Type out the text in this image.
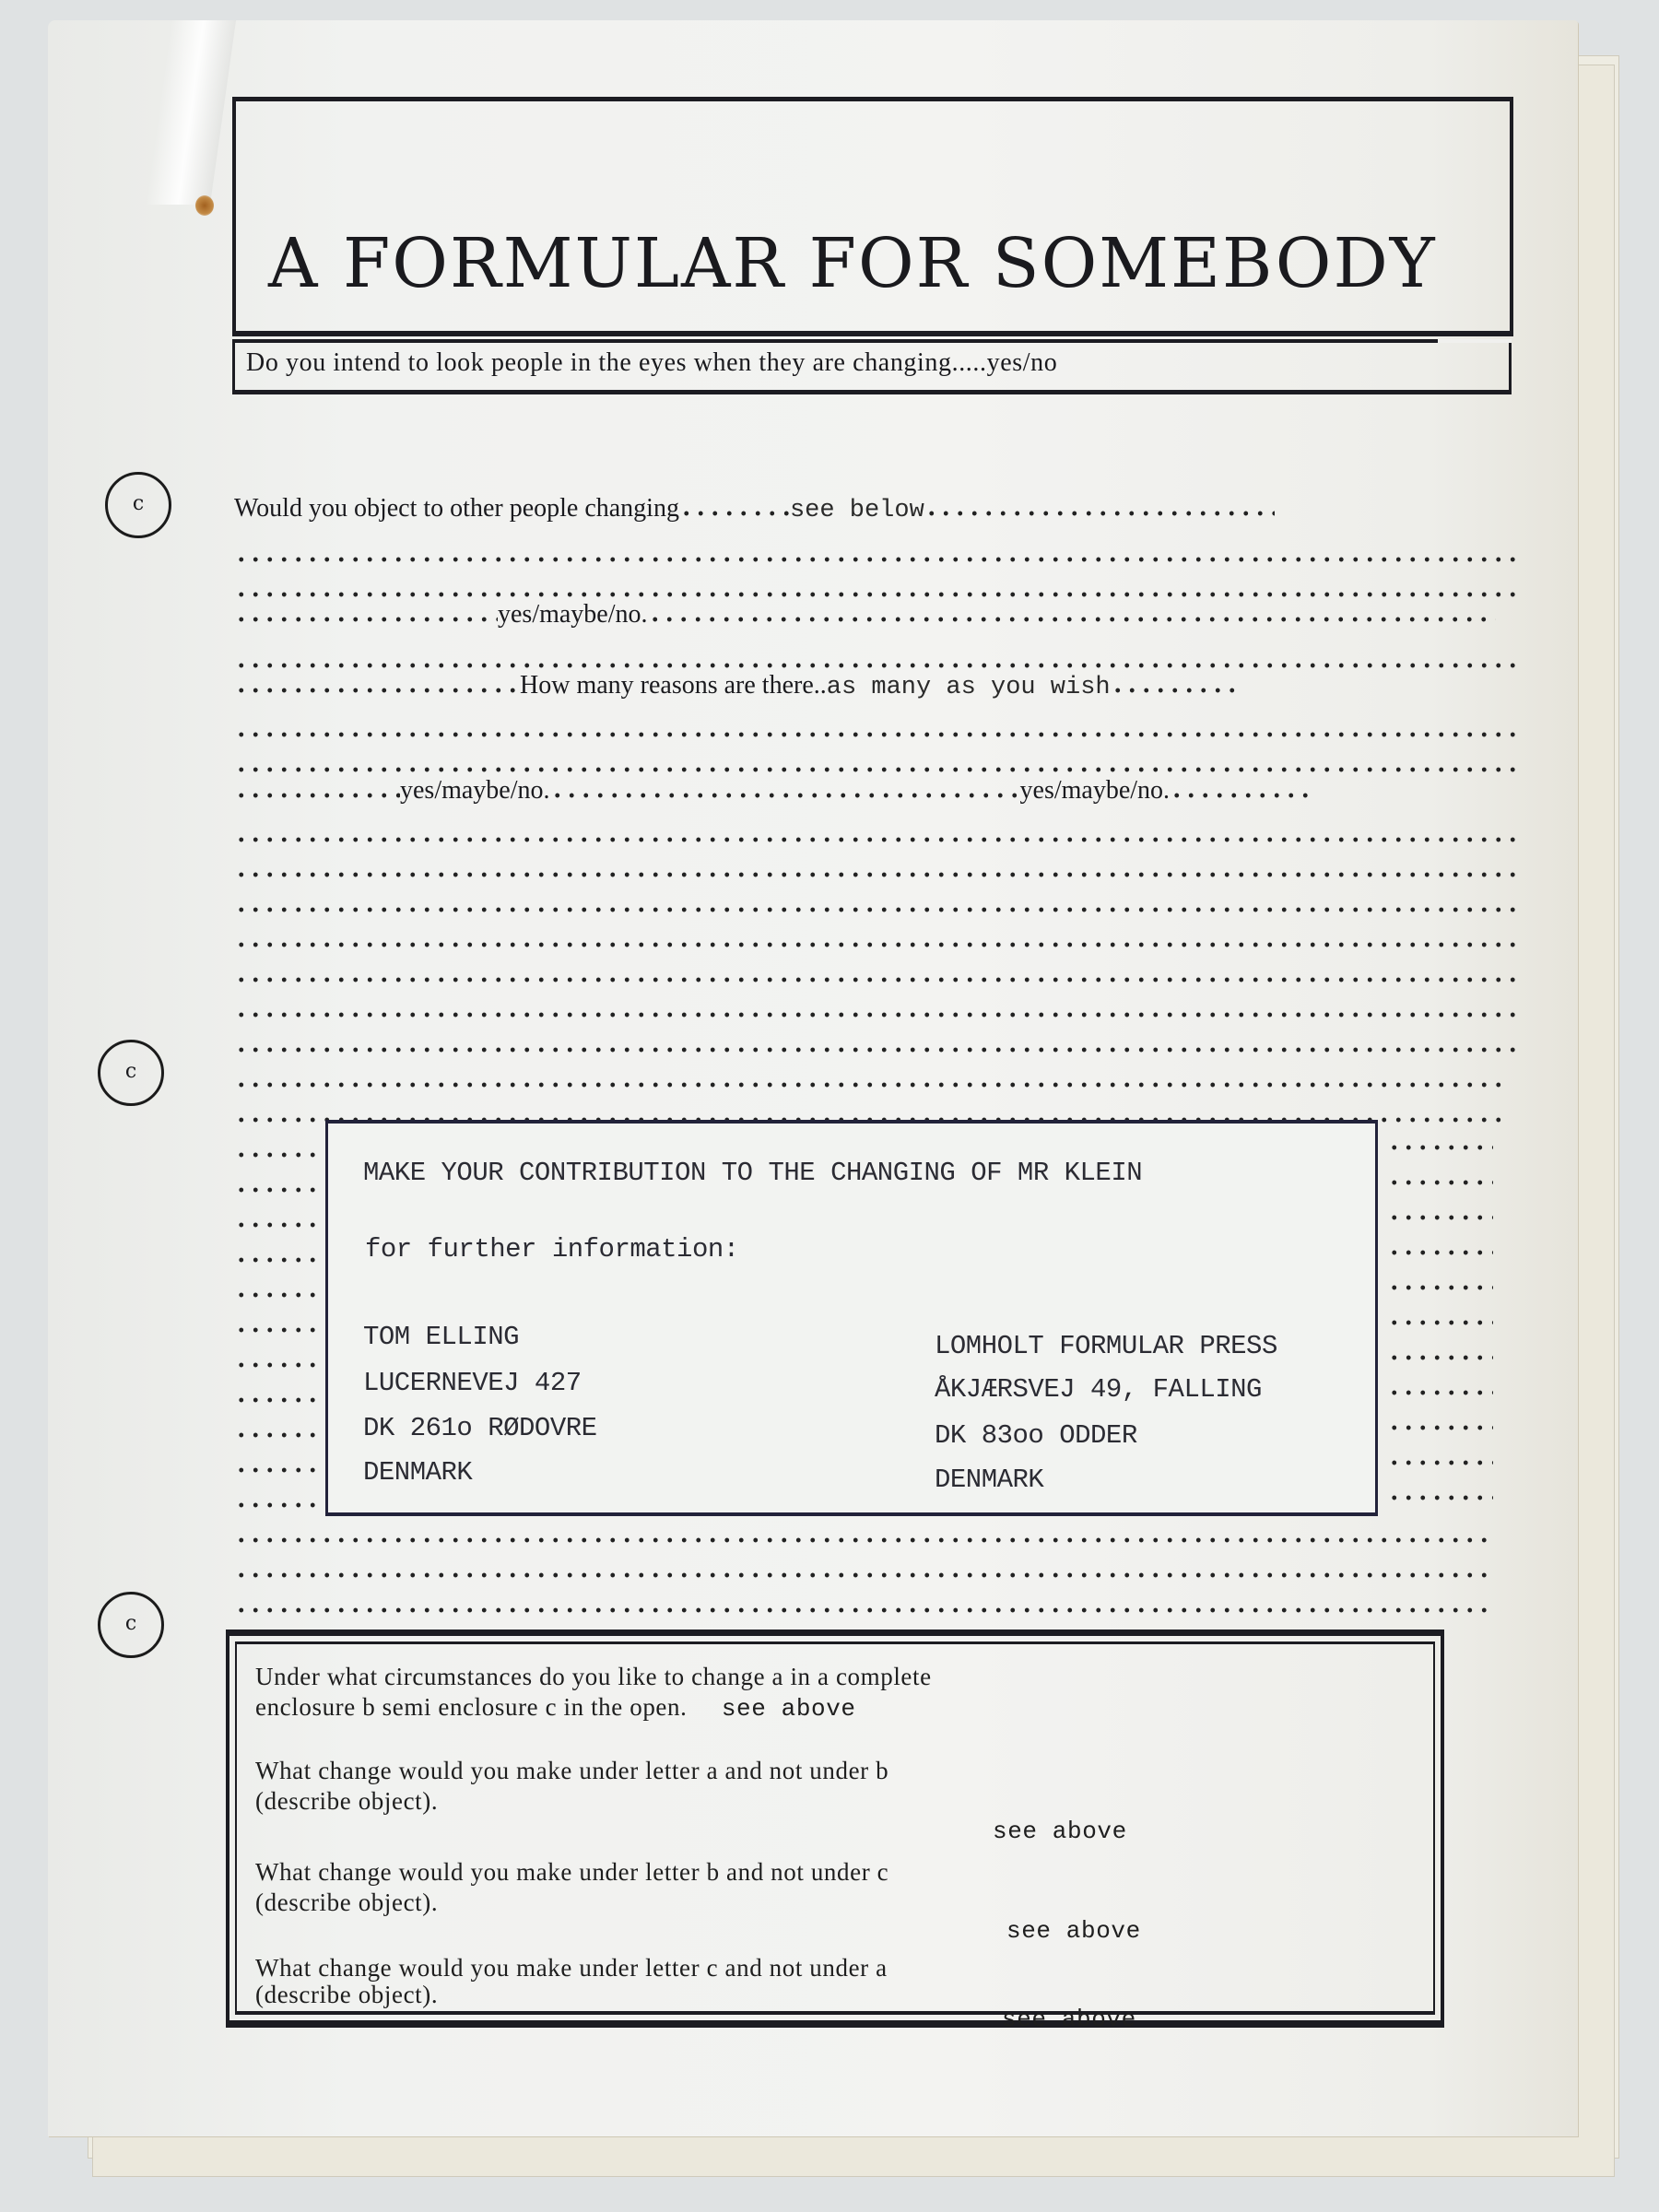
A FORMULAR FOR SOMEBODY
Do you intend to look people in the eyes when they are changing.....yes/no
c
c
c
Would you object to other people changing	see below
yes/maybe/no.
How many reasons are there..as many as you wish
yes/maybe/no.	yes/maybe/no.
MAKE YOUR CONTRIBUTION TO THE CHANGING OF MR KLEIN
for further information:
TOM ELLING
LUCERNEVEJ 427
DK 261o RØDOVRE
DENMARK
LOMHOLT FORMULAR PRESS
ÅKJÆRSVEJ 49, FALLING
DK 83oo ODDER
DENMARK
Under what circumstances do you like to change a in a complete
enclosure b semi enclosure c in the open. see above
What change would you make under letter a and not under b
(describe object).
see above
What change would you make under letter b and not under c
(describe object).
see above
What change would you make under letter c and not under a
(describe object).
see above
